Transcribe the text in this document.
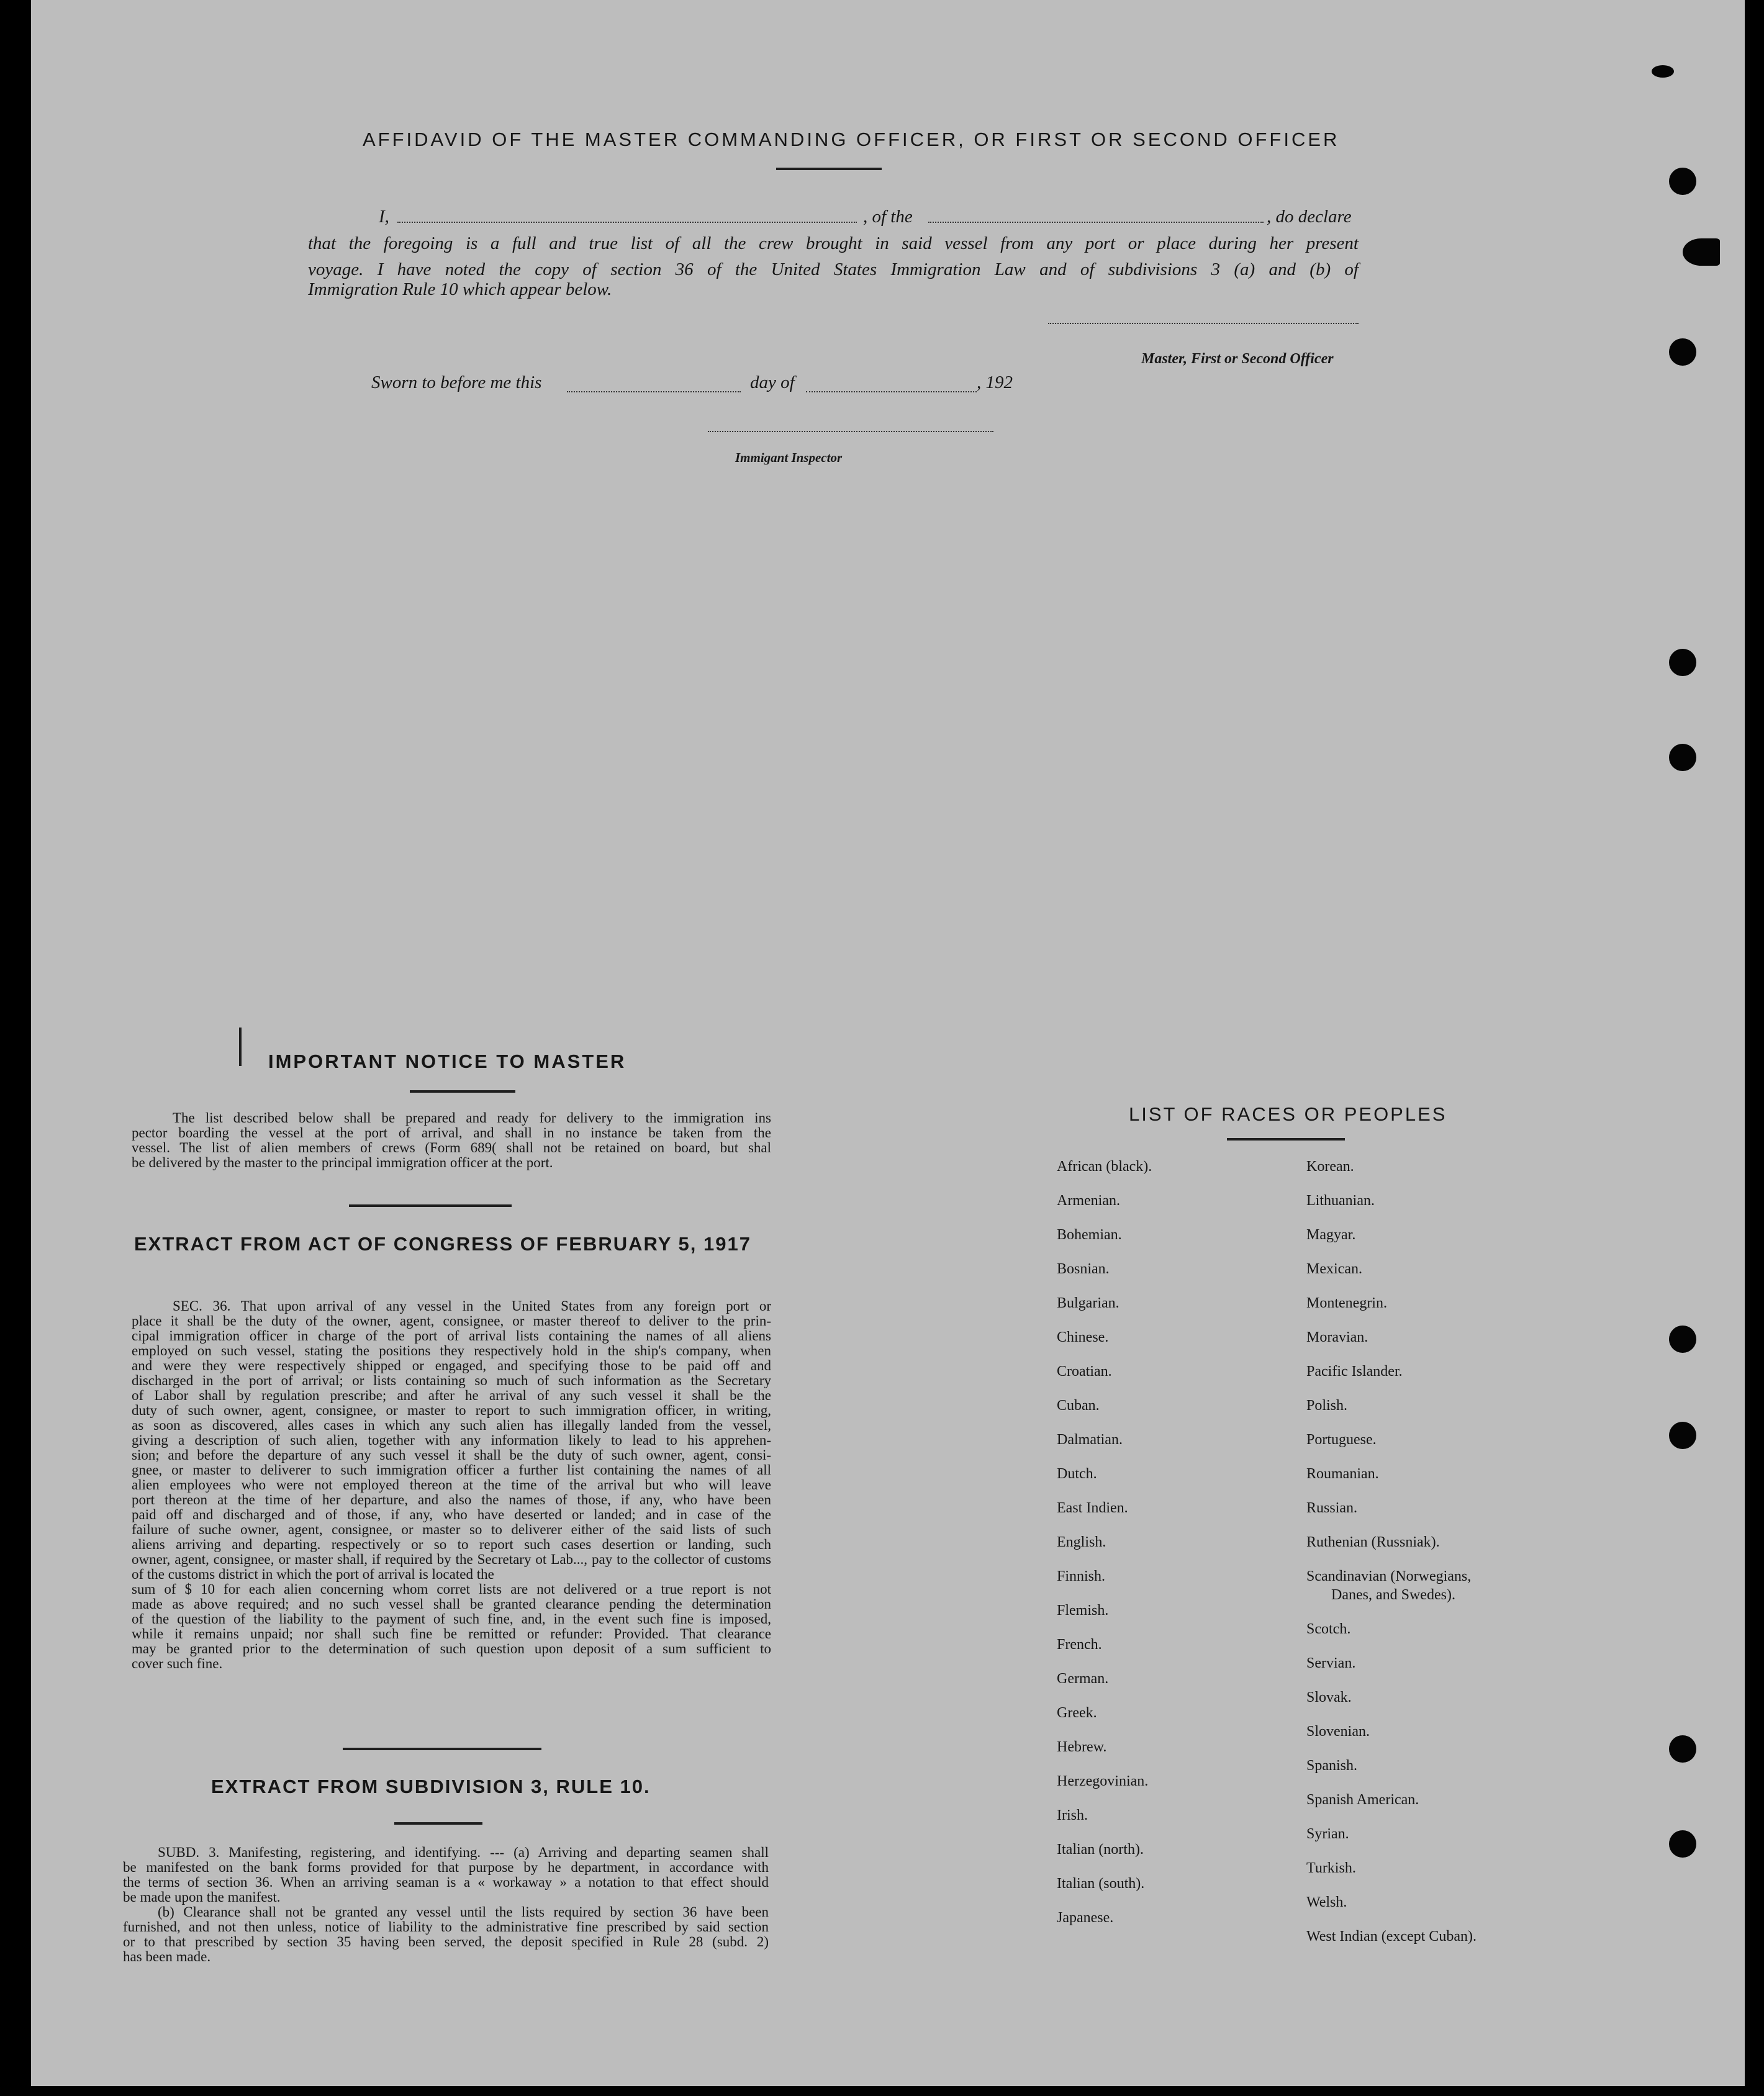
AFFIDAVID OF THE MASTER COMMANDING OFFICER, OR FIRST OR SECOND OFFICER
I,	, of the	, do declare
that the foregoing is a full and true list of all the crew brought in said vessel from any port or place during her present
voyage. I have noted the copy of section 36 of the United States Immigration Law and of subdivisions 3 (a) and (b) of
Immigration Rule 10 which appear below.
Master, First or Second Officer
Sworn to before me this	day of	, 192
Immigant Inspector
IMPORTANT NOTICE TO MASTER
The list described below shall be prepared and ready for delivery to the immigration ins
pector boarding the vessel at the port of arrival, and shall in no instance be taken from the
vessel. The list of alien members of crews (Form 689( shall not be retained on board, but shal
be delivered by the master to the principal immigration officer at the port.
EXTRACT FROM ACT OF CONGRESS OF FEBRUARY 5, 1917
SEC. 36. That upon arrival of any vessel in the United States from any foreign port or
place it shall be the duty of the owner, agent, consignee, or master thereof to deliver to the prin-
cipal immigration officer in charge of the port of arrival lists containing the names of all aliens
employed on such vessel, stating the positions they respectively hold in the ship's company, when
and were they were respectively shipped or engaged, and specifying those to be paid off and
discharged in the port of arrival; or lists containing so much of such information as the Secretary
of Labor shall by regulation prescribe; and after he arrival of any such vessel it shall be the
duty of such owner, agent, consignee, or master to report to such immigration officer, in writing,
as soon as discovered, alles cases in which any such alien has illegally landed from the vessel,
giving a description of such alien, together with any information likely to lead to his apprehen-
sion; and before the departure of any such vessel it shall be the duty of such owner, agent, consi-
gnee, or master to deliverer to such immigration officer a further list containing the names of all
alien employees who were not employed thereon at the time of the arrival but who will leave
port thereon at the time of her departure, and also the names of those, if any, who have been
paid off and discharged and of those, if any, who have deserted or landed; and in case of the
failure of suche owner, agent, consignee, or master so to deliverer either of the said lists of such
aliens arriving and departing. respectively or so to report such cases desertion or landing, such
owner, agent, consignee, or master shall, if required by the Secretary ot Lab..., pay to the collector of customs of the customs district in which the port of arrival is located the
sum of $ 10 for each alien concerning whom corret lists are not delivered or a true report is not
made as above required; and no such vessel shall be granted clearance pending the determination
of the question of the liability to the payment of such fine, and, in the event such fine is imposed,
while it remains unpaid; nor shall such fine be remitted or refunder: Provided. That clearance
may be granted prior to the determination of such question upon deposit of a sum sufficient to
cover such fine.
EXTRACT FROM SUBDIVISION 3, RULE 10.
SUBD. 3. Manifesting, registering, and identifying. --- (a) Arriving and departing seamen shall
be manifested on the bank forms provided for that purpose by he department, in accordance with
the terms of section 36. When an arriving seaman is a « workaway » a notation to that effect should
be made upon the manifest.
(b) Clearance shall not be granted any vessel until the lists required by section 36 have been
furnished, and not then unless, notice of liability to the administrative fine prescribed by said section
or to that prescribed by section 35 having been served, the deposit specified in Rule 28 (subd. 2)
has been made.
LIST OF RACES OR PEOPLES
African (black).
Armenian.
Bohemian.
Bosnian.
Bulgarian.
Chinese.
Croatian.
Cuban.
Dalmatian.
Dutch.
East Indien.
English.
Finnish.
Flemish.
French.
German.
Greek.
Hebrew.
Herzegovinian.
Irish.
Italian (north).
Italian (south).
Japanese.
Korean.
Lithuanian.
Magyar.
Mexican.
Montenegrin.
Moravian.
Pacific Islander.
Polish.
Portuguese.
Roumanian.
Russian.
Ruthenian (Russniak).
Scandinavian (Norwegians,
Danes, and Swedes).
Scotch.
Servian.
Slovak.
Slovenian.
Spanish.
Spanish American.
Syrian.
Turkish.
Welsh.
West Indian (except Cuban).
